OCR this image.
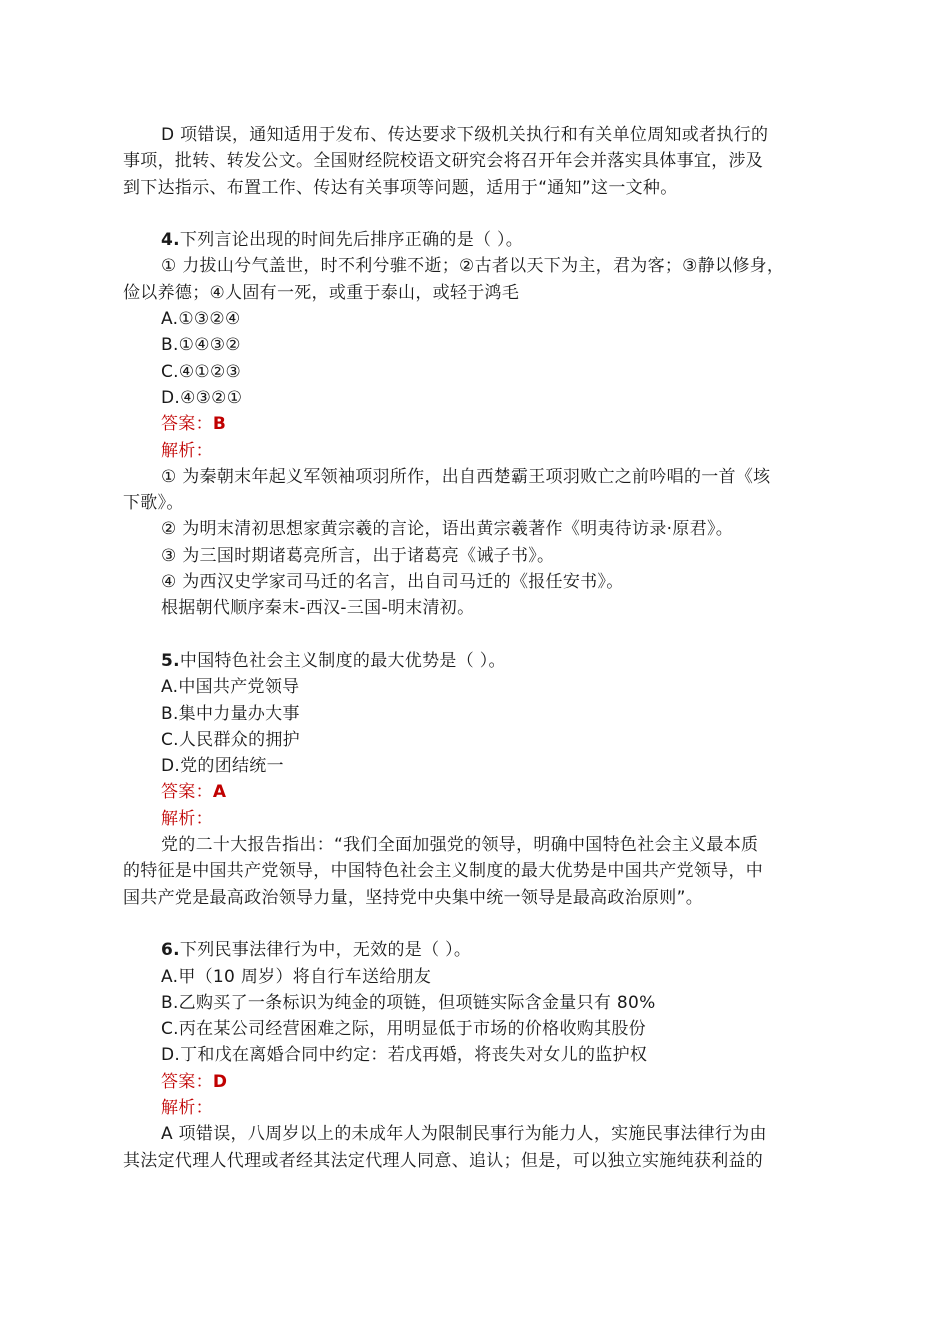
D 项错误，通知适用于发布、传达要求下级机关执行和有关单位周知或者执行的
事项，批转、转发公文。全国财经院校语文研究会将召开年会并落实具体事宜，涉及
到下达指示、布置工作、传达有关事项等问题，适用于“通知”这一文种。
4.下列言论出现的时间先后排序正确的是（ ）。
① 力拔山兮气盖世，时不利兮骓不逝；②古者以天下为主，君为客；③静以修身，
俭以养德；④人固有一死，或重于泰山，或轻于鸿毛
A.①③②④
B.①④③②
C.④①②③
D.④③②①
答案：B
解析：
① 为秦朝末年起义军领袖项羽所作，出自西楚霸王项羽败亡之前吟唱的一首《垓
下歌》。
② 为明末清初思想家黄宗羲的言论，语出黄宗羲著作《明夷待访录·原君》。
③ 为三国时期诸葛亮所言，出于诸葛亮《诫子书》。
④ 为西汉史学家司马迁的名言，出自司马迁的《报任安书》。
根据朝代顺序秦末-西汉-三国-明末清初。
5.中国特色社会主义制度的最大优势是（ ）。
A.中国共产党领导
B.集中力量办大事
C.人民群众的拥护
D.党的团结统一
答案：A
解析：
党的二十大报告指出：“我们全面加强党的领导，明确中国特色社会主义最本质
的特征是中国共产党领导，中国特色社会主义制度的最大优势是中国共产党领导，中
国共产党是最高政治领导力量，坚持党中央集中统一领导是最高政治原则”。
6.下列民事法律行为中，无效的是（ ）。
A.甲（10 周岁）将自行车送给朋友
B.乙购买了一条标识为纯金的项链，但项链实际含金量只有 80%
C.丙在某公司经营困难之际，用明显低于市场的价格收购其股份
D.丁和戊在离婚合同中约定：若戊再婚，将丧失对女儿的监护权
答案：D
解析：
A 项错误，八周岁以上的未成年人为限制民事行为能力人，实施民事法律行为由
其法定代理人代理或者经其法定代理人同意、追认；但是，可以独立实施纯获利益的
